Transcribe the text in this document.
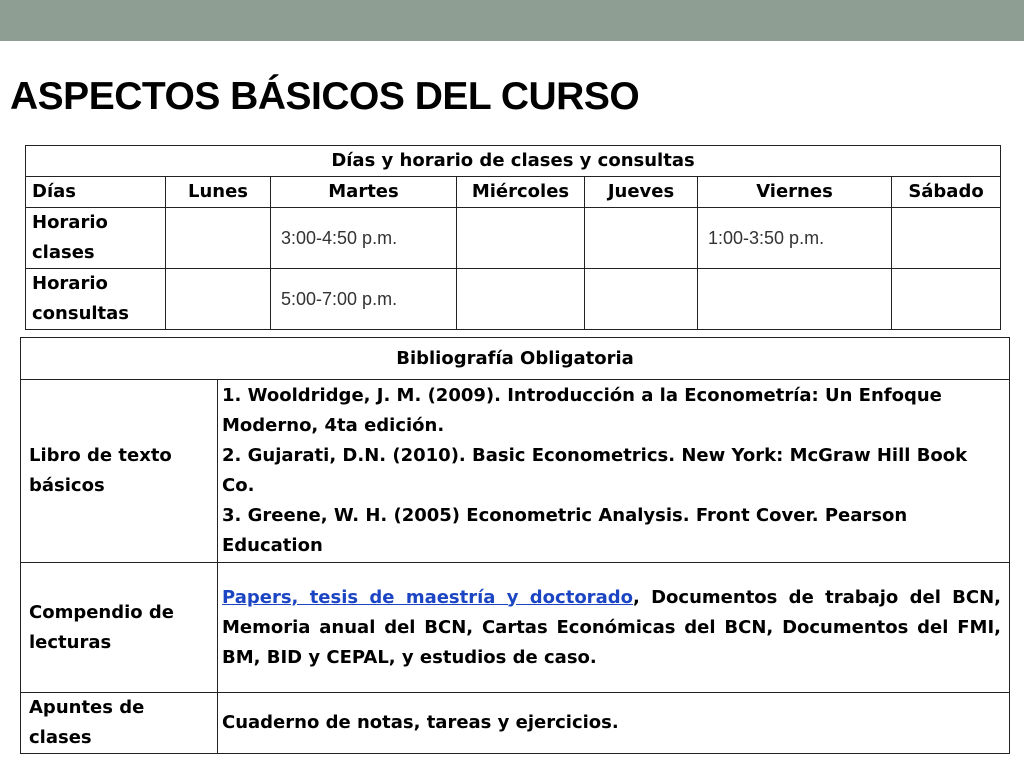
ASPECTOS BÁSICOS DEL CURSO
Días y horario de clases y consultas						
Días	Lunes	Martes	Miércoles	Jueves	Viernes	Sábado
Horario
clases		3:00-4:50 p.m.			1:00-3:50 p.m.	
Horario
consultas		5:00-7:00 p.m.				
Bibliografía Obligatoria	
Libro de texto básicos	1. Wooldridge, J. M. (2009). Introducción a la Econometría: Un Enfoque Moderno, 4ta edición.
2. Gujarati, D.N. (2010). Basic Econometrics. New York: McGraw Hill Book Co.
3. Greene, W. H. (2005) Econometric Analysis. Front Cover. Pearson Education

Compendio de lecturas	Papers, tesis de maestría y doctorado, Documentos de trabajo del BCN, Memoria anual del BCN, Cartas Económicas del BCN, Documentos del FMI, BM, BID y CEPAL, y estudios de caso.
Apuntes de clases	Cuaderno de notas, tareas y ejercicios.
